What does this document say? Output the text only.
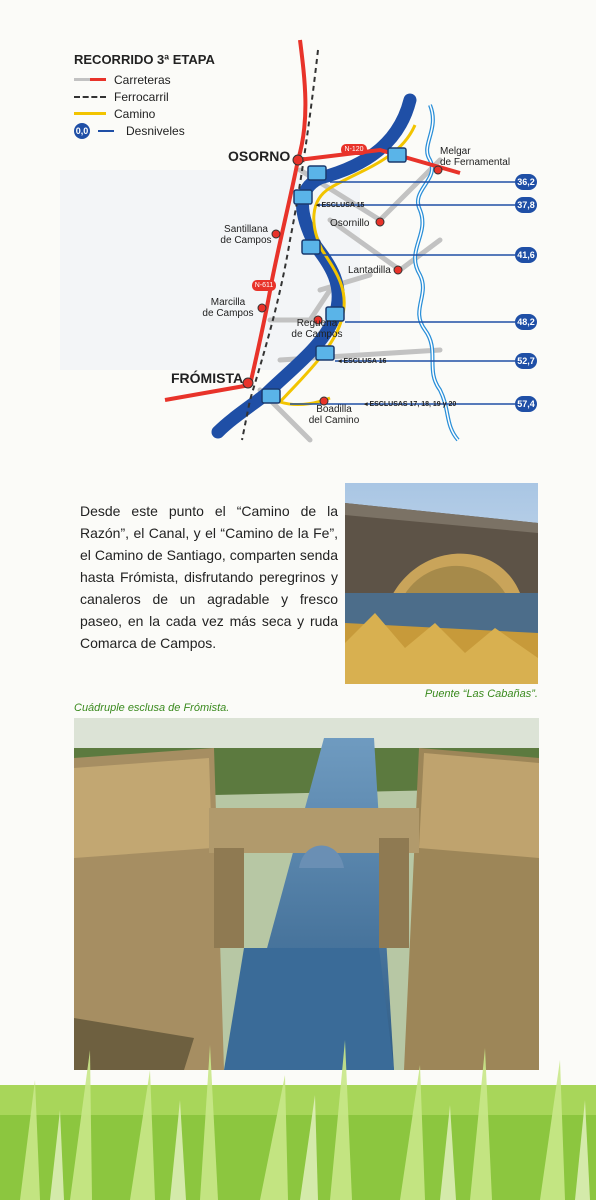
RECORRIDO 3ª ETAPA
Carreteras
Ferrocarril
Camino
0,0	Desniveles
N-120
N-611
OSORNO
FRÓMISTA
Melgar
de Fernamental
Santillana
de Campos
Osornillo
Lantadilla
Marcilla
de Campos
Reguena
de Campos
Boadilla
del Camino
◂ ESCLUSA 15
◂ ESCLUSA 16
◂ ESCLUSAS 17, 18, 19 y 20
36,2
37,8
41,6
48,2
52,7
57,4
Desde este punto el “Camino de la Razón”, el Canal, y el “Camino de la Fe”, el Camino de Santiago, comparten senda hasta Frómista, disfrutando peregrinos y canaleros de un agradable y fresco paseo, en la cada vez más seca y ruda Comarca de Campos.
Puente “Las Cabañas”.
Cuádruple esclusa de Frómista.
